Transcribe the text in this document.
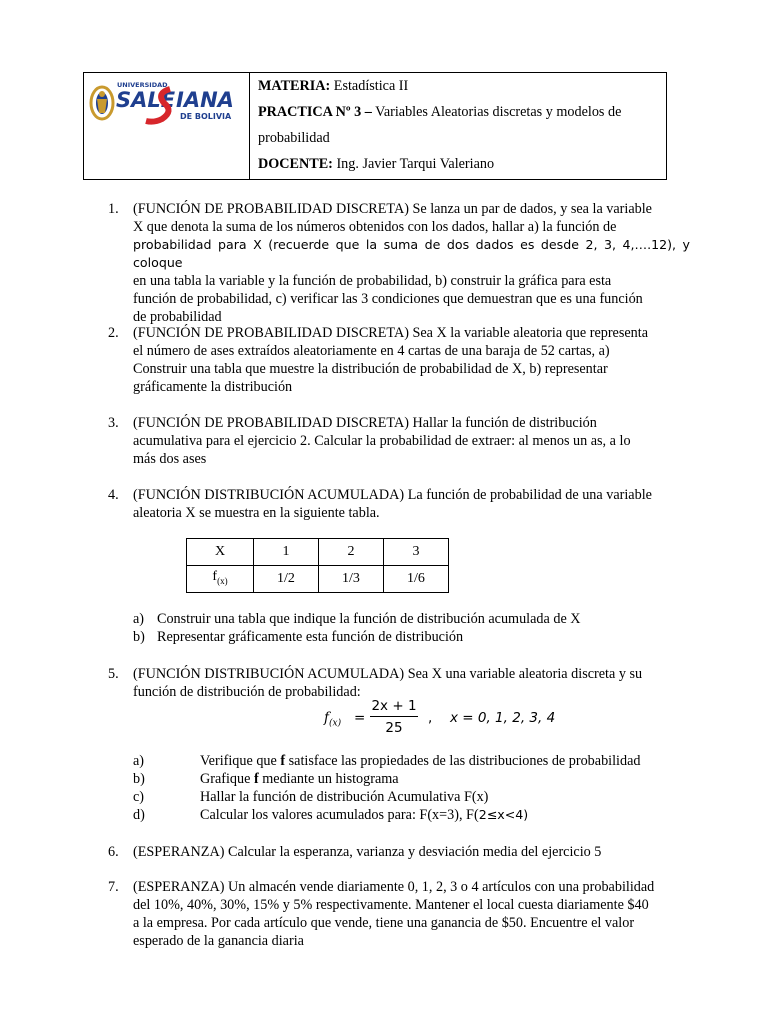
UNIVERSIDAD
SALE IANA
DE BOLIVIA

MATERIA: Estadística II

PRACTICA Nº 3 – Variables Aleatorias discretas y modelos de

probabilidad

DOCENTE: Ing. Javier Tarqui Valeriano

1. (FUNCIÓN DE PROBABILIDAD DISCRETA) Se lanza un par de dados, y sea la variable
X que denota la suma de los números obtenidos con los dados, hallar a) la función de
probabilidad para X (recuerde que la suma de dos dados es desde 2, 3, 4,….12), y coloque
en una tabla la variable y la función de probabilidad, b) construir la gráfica para esta
función de probabilidad, c) verificar las 3 condiciones que demuestran que es una función
de probabilidad
2. (FUNCIÓN DE PROBABILIDAD DISCRETA) Sea X la variable aleatoria que representa
el número de ases extraídos aleatoriamente en 4 cartas de una baraja de 52 cartas, a)
Construir una tabla que muestre la distribución de probabilidad de X, b) representar
gráficamente la distribución
3. (FUNCIÓN DE PROBABILIDAD DISCRETA) Hallar la función de distribución
acumulativa para el ejercicio 2. Calcular la probabilidad de extraer: al menos un as, a lo
más dos ases
4. (FUNCIÓN DISTRIBUCIÓN ACUMULADA) La función de probabilidad de una variable
aleatoria X se muestra en la siguiente tabla.
X	1	2	3
$f_{(x)}$	1/2	1/3	1/6
a) Construir una tabla que indique la función de distribución acumulada de X
b) Representar gráficamente esta función de distribución
5. (FUNCIÓN DISTRIBUCIÓN ACUMULADA) Sea X una variable aleatoria discreta y su
función de distribución de probabilidad:
$f_{(x)}$ =
2x + 1
25
, x = 0, 1, 2, 3, 4
a)	Verifique que f satisface las propiedades de las distribuciones de probabilidad
b)	Grafique f mediante un histograma
c)	Hallar la función de distribución Acumulativa F(x)
d)	Calcular los valores acumulados para: F(x=3), F(2≤x<4)
6. (ESPERANZA) Calcular la esperanza, varianza y desviación media del ejercicio 5
7. (ESPERANZA) Un almacén vende diariamente 0, 1, 2, 3 o 4 artículos con una probabilidad
del 10%, 40%, 30%, 15% y 5% respectivamente. Mantener el local cuesta diariamente $40
a la empresa. Por cada artículo que vende, tiene una ganancia de $50. Encuentre el valor
esperado de la ganancia diaria
